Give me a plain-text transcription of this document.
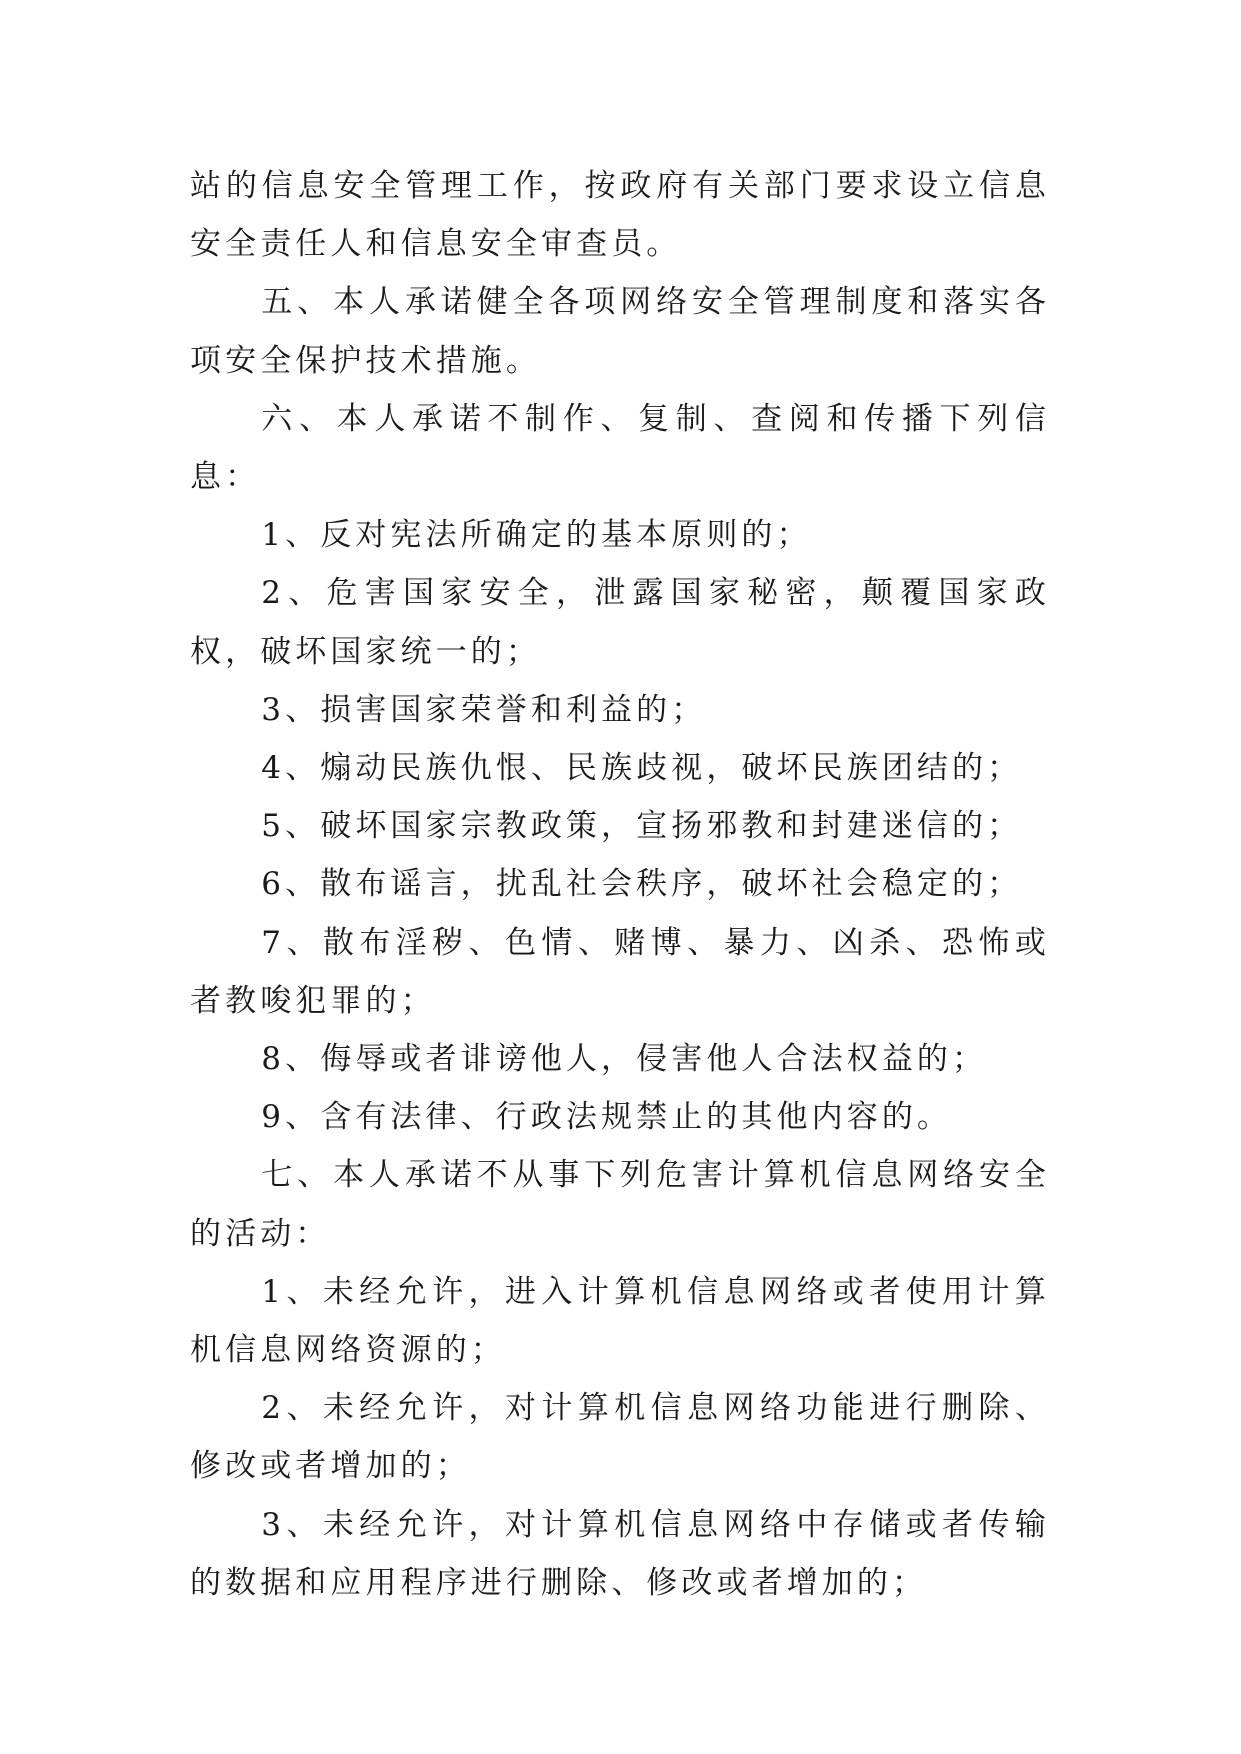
站的信息安全管理工作，按政府有关部门要求设立信息安全责任人和信息安全审查员。

五、本人承诺健全各项网络安全管理制度和落实各项安全保护技术措施。

六、本人承诺不制作、复制、查阅和传播下列信息：

1、反对宪法所确定的基本原则的；

2、危害国家安全，泄露国家秘密，颠覆国家政权，破坏国家统一的；

3、损害国家荣誉和利益的；

4、煽动民族仇恨、民族歧视，破坏民族团结的；

5、破坏国家宗教政策，宣扬邪教和封建迷信的；

6、散布谣言，扰乱社会秩序，破坏社会稳定的；

7、散布淫秽、色情、赌博、暴力、凶杀、恐怖或者教唆犯罪的；

8、侮辱或者诽谤他人，侵害他人合法权益的；

9、含有法律、行政法规禁止的其他内容的。

七、本人承诺不从事下列危害计算机信息网络安全的活动：

1、未经允许，进入计算机信息网络或者使用计算机信息网络资源的；

2、未经允许，对计算机信息网络功能进行删除、修改或者增加的；

3、未经允许，对计算机信息网络中存储或者传输的数据和应用程序进行删除、修改或者增加的；
